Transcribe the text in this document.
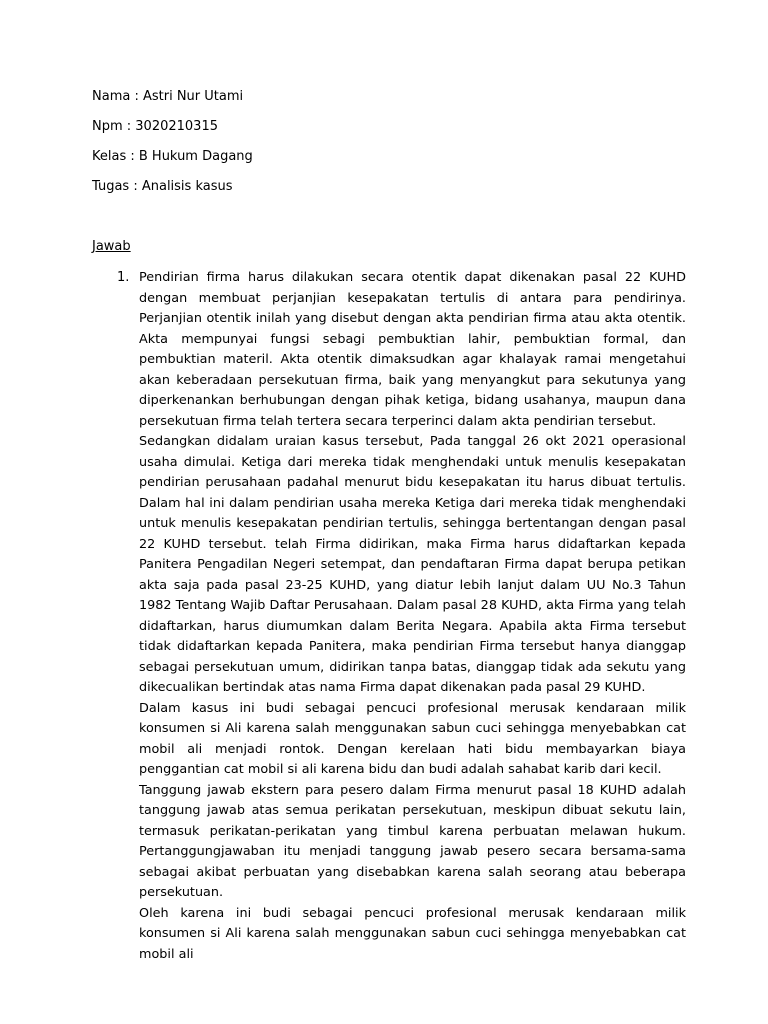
Nama : Astri Nur Utami
Npm : 3020210315
Kelas : B Hukum Dagang
Tugas : Analisis kasus
Jawab
1. Pendirian firma harus dilakukan secara otentik dapat dikenakan pasal 22 KUHD dengan membuat perjanjian kesepakatan tertulis di antara para pendirinya. Perjanjian otentik inilah yang disebut dengan akta pendirian firma atau akta otentik. Akta mempunyai fungsi sebagi pembuktian lahir, pembuktian formal, dan pembuktian materil. Akta otentik dimaksudkan agar khalayak ramai mengetahui akan keberadaan persekutuan firma, baik yang menyangkut para sekutunya yang diperkenankan berhubungan dengan pihak ketiga, bidang usahanya, maupun dana persekutuan firma telah tertera secara terperinci dalam akta pendirian tersebut.

Sedangkan didalam uraian kasus tersebut, Pada tanggal 26 okt 2021 operasional usaha dimulai. Ketiga dari mereka tidak menghendaki untuk menulis kesepakatan pendirian perusahaan padahal menurut bidu kesepakatan itu harus dibuat tertulis. Dalam hal ini dalam pendirian usaha mereka Ketiga dari mereka tidak menghendaki untuk menulis kesepakatan pendirian tertulis, sehingga bertentangan dengan pasal 22 KUHD tersebut. telah Firma didirikan, maka Firma harus didaftarkan kepada Panitera Pengadilan Negeri setempat, dan pendaftaran Firma dapat berupa petikan akta saja pada pasal 23-25 KUHD, yang diatur lebih lanjut dalam UU No.3 Tahun 1982 Tentang Wajib Daftar Perusahaan. Dalam pasal 28 KUHD, akta Firma yang telah didaftarkan, harus diumumkan dalam Berita Negara. Apabila akta Firma tersebut tidak didaftarkan kepada Panitera, maka pendirian Firma tersebut hanya dianggap sebagai persekutuan umum, didirikan tanpa batas, dianggap tidak ada sekutu yang dikecualikan bertindak atas nama Firma dapat dikenakan pada pasal 29 KUHD.

Dalam kasus ini budi sebagai pencuci profesional merusak kendaraan milik konsumen si Ali karena salah menggunakan sabun cuci sehingga menyebabkan cat mobil ali menjadi rontok. Dengan kerelaan hati bidu membayarkan biaya penggantian cat mobil si ali karena bidu dan budi adalah sahabat karib dari kecil.

Tanggung jawab ekstern para pesero dalam Firma menurut pasal 18 KUHD adalah tanggung jawab atas semua perikatan persekutuan, meskipun dibuat sekutu lain, termasuk perikatan-perikatan yang timbul karena perbuatan melawan hukum. Pertanggungjawaban itu menjadi tanggung jawab pesero secara bersama-sama sebagai akibat perbuatan yang disebabkan karena salah seorang atau beberapa persekutuan.

Oleh karena ini budi sebagai pencuci profesional merusak kendaraan milik konsumen si Ali karena salah menggunakan sabun cuci sehingga menyebabkan cat mobil ali
